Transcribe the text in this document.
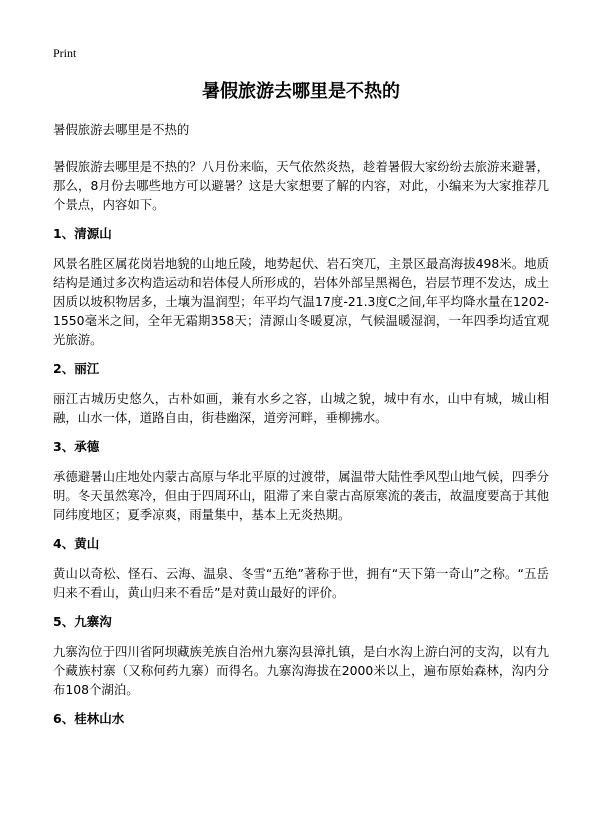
Print
暑假旅游去哪里是不热的

暑假旅游去哪里是不热的

暑假旅游去哪里是不热的？八月份来临，天气依然炎热，趁着暑假大家纷纷去旅游来避暑，那么，8月份去哪些地方可以避暑？这是大家想要了解的内容，对此，小编来为大家推荐几个景点，内容如下。

1、清源山

风景名胜区属花岗岩地貌的山地丘陵，地势起伏、岩石突兀，主景区最高海拔498米。地质结构是通过多次构造运动和岩体侵人所形成的，岩体外部呈黑褐色，岩层节理不发达，成土因质以坡积物居多，土壤为温润型；年平均气温17度-21.3度C之间,年平均降水量在1202-1550毫米之间，全年无霜期358天；清源山冬暖夏凉，气候温暖湿润，一年四季均适宜观光旅游。

2、丽江

丽江古城历史悠久，古朴如画，兼有水乡之容，山城之貌，城中有水，山中有城，城山相融，山水一体，道路自由，街巷幽深，道旁河畔，垂柳拂水。

3、承德

承德避暑山庄地处内蒙古高原与华北平原的过渡带，属温带大陆性季风型山地气候，四季分明。冬天虽然寒冷，但由于四周环山，阻滞了来自蒙古高原寒流的袭击，故温度要高于其他同纬度地区；夏季凉爽，雨量集中，基本上无炎热期。

4、黄山

黄山以奇松、怪石、云海、温泉、冬雪“五绝”著称于世，拥有“天下第一奇山”之称。“五岳归来不看山，黄山归来不看岳”是对黄山最好的评价。

5、九寨沟

九寨沟位于四川省阿坝藏族羌族自治州九寨沟县漳扎镇，是白水沟上游白河的支沟，以有九个藏族村寨（又称何药九寨）而得名。九寨沟海拔在2000米以上，遍布原始森林，沟内分布108个湖泊。

6、桂林山水
